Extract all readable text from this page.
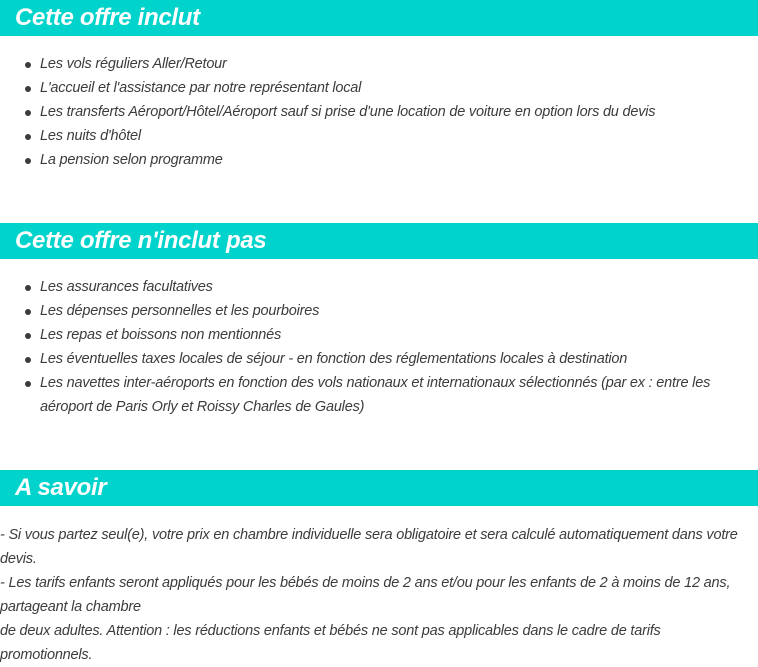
Cette offre inclut
Les vols réguliers Aller/Retour
L'accueil et l'assistance par notre représentant local
Les transferts Aéroport/Hôtel/Aéroport sauf si prise d'une location de voiture en option lors du devis
Les nuits d'hôtel
La pension selon programme
Cette offre n'inclut pas
Les assurances facultatives
Les dépenses personnelles et les pourboires
Les repas et boissons non mentionnés
Les éventuelles taxes locales de séjour - en fonction des réglementations locales à destination
Les navettes inter-aéroports en fonction des vols nationaux et internationaux sélectionnés (par ex : entre les aéroport de Paris Orly et Roissy Charles de Gaules)
A savoir

- Si vous partez seul(e), votre prix en chambre individuelle sera obligatoire et sera calculé automatiquement dans votre devis.
- Les tarifs enfants seront appliqués pour les bébés de moins de 2 ans et/ou pour les enfants de 2 à moins de 12 ans, partageant la chambre
de deux adultes. Attention : les réductions enfants et bébés ne sont pas applicables dans le cadre de tarifs promotionnels.
